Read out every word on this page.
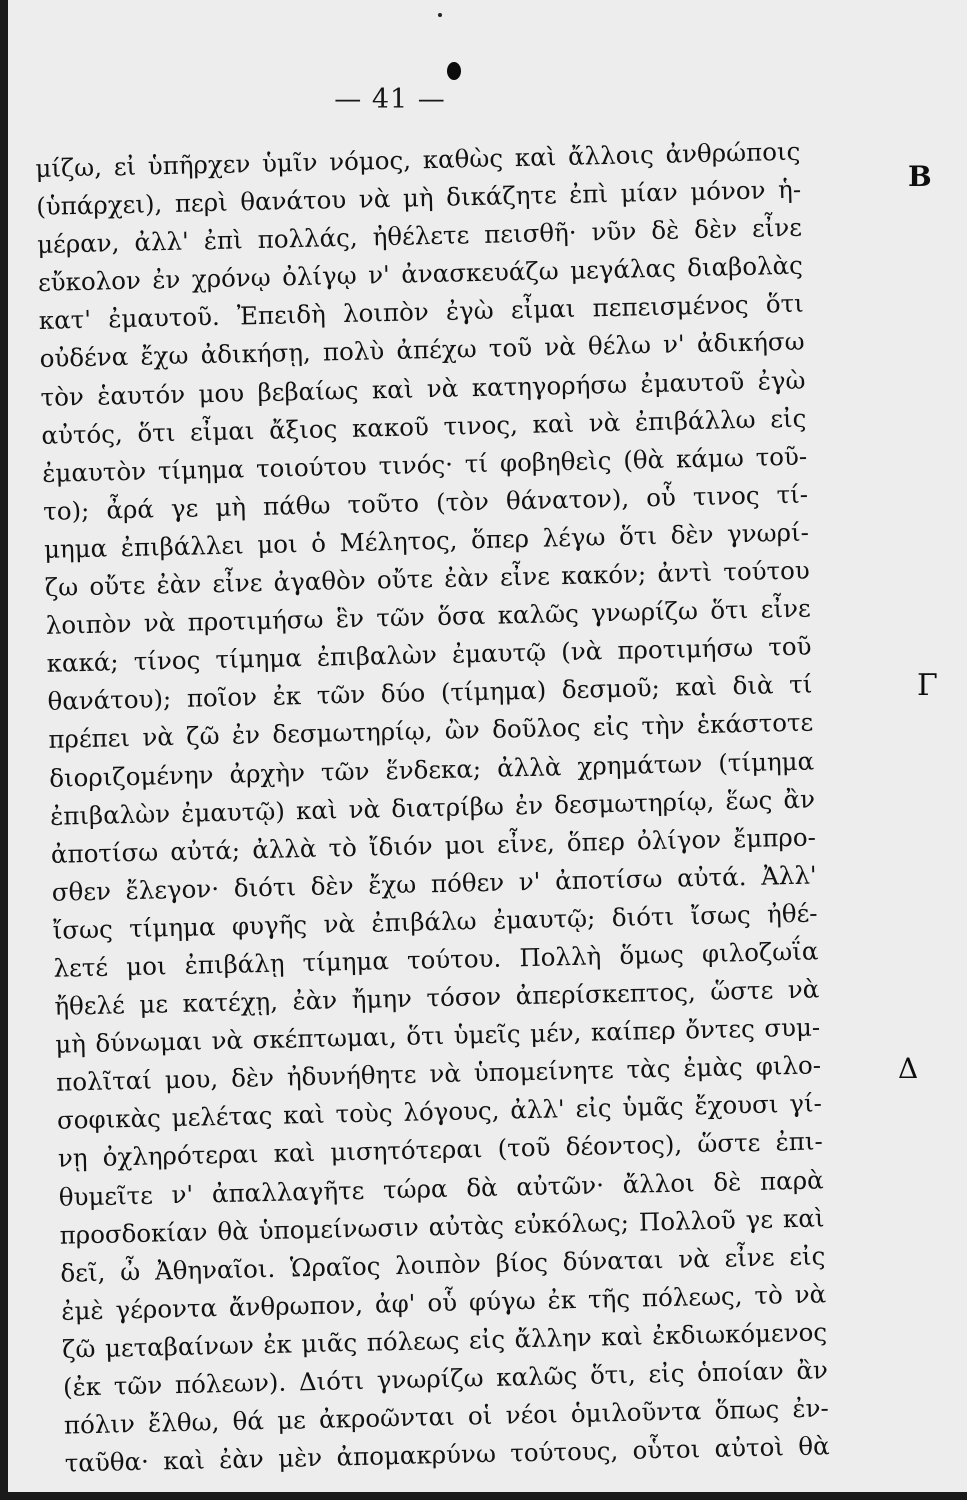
— 41 —
B
Γ
Δ
μίζω, εἰ ὑπῆρχεν ὑμῖν νόμος, καθὼς καὶ ἄλλοις ἀνθρώποις
(ὑπάρχει), περὶ θανάτου νὰ μὴ δικάζητε ἐπὶ μίαν μόνον ἡ-
μέραν, ἀλλ' ἐπὶ πολλάς, ἠθέλετε πεισθῆ· νῦν δὲ δὲν εἶνε
εὔκολον ἐν χρόνῳ ὀλίγῳ ν' ἀνασκευάζω μεγάλας διαβολὰς
κατ' ἐμαυτοῦ. Ἐπειδὴ λοιπὸν ἐγὼ εἶμαι πεπεισμένος ὅτι
οὐδένα ἔχω ἀδικήσῃ, πολὺ ἀπέχω τοῦ νὰ θέλω ν' ἀδικήσω
τὸν ἑαυτόν μου βεβαίως καὶ νὰ κατηγορήσω ἐμαυτοῦ ἐγὼ
αὐτός, ὅτι εἶμαι ἄξιος κακοῦ τινος, καὶ νὰ ἐπιβάλλω εἰς
ἐμαυτὸν τίμημα τοιούτου τινός· τί φοβηθεὶς (θὰ κάμω τοῦ-
το); ἆρά γε μὴ πάθω τοῦτο (τὸν θάνατον), οὗ τινος τί-
μημα ἐπιβάλλει μοι ὁ Μέλητος, ὅπερ λέγω ὅτι δὲν γνωρί-
ζω οὔτε ἐὰν εἶνε ἀγαθὸν οὔτε ἐὰν εἶνε κακόν; ἀντὶ τούτου
λοιπὸν νὰ προτιμήσω ἓν τῶν ὅσα καλῶς γνωρίζω ὅτι εἶνε
κακά; τίνος τίμημα ἐπιβαλὼν ἐμαυτῷ (νὰ προτιμήσω τοῦ
θανάτου); ποῖον ἐκ τῶν δύο (τίμημα) δεσμοῦ; καὶ διὰ τί
πρέπει νὰ ζῶ ἐν δεσμωτηρίῳ, ὢν δοῦλος εἰς τὴν ἑκάστοτε
διοριζομένην ἀρχὴν τῶν ἕνδεκα; ἀλλὰ χρημάτων (τίμημα
ἐπιβαλὼν ἐμαυτῷ) καὶ νὰ διατρίβω ἐν δεσμωτηρίῳ, ἕως ἂν
ἀποτίσω αὐτά; ἀλλὰ τὸ ἴδιόν μοι εἶνε, ὅπερ ὀλίγον ἔμπρο-
σθεν ἔλεγον· διότι δὲν ἔχω πόθεν ν' ἀποτίσω αὐτά. Ἀλλ'
ἴσως τίμημα φυγῆς νὰ ἐπιβάλω ἐμαυτῷ; διότι ἴσως ἠθέ-
λετέ μοι ἐπιβάλῃ τίμημα τούτου. Πολλὴ ὅμως φιλοζωΐα
ἤθελέ με κατέχῃ, ἐὰν ἤμην τόσον ἀπερίσκεπτος, ὥστε νὰ
μὴ δύνωμαι νὰ σκέπτωμαι, ὅτι ὑμεῖς μέν, καίπερ ὄντες συμ-
πολῖταί μου, δὲν ἠδυνήθητε νὰ ὑπομείνητε τὰς ἐμὰς φιλο-
σοφικὰς μελέτας καὶ τοὺς λόγους, ἀλλ' εἰς ὑμᾶς ἔχουσι γί-
νῃ ὀχληρότεραι καὶ μισητότεραι (τοῦ δέοντος), ὥστε ἐπι-
θυμεῖτε ν' ἀπαλλαγῆτε τώρα δὰ αὐτῶν· ἄλλοι δὲ παρὰ
προσδοκίαν θὰ ὑπομείνωσιν αὐτὰς εὐκόλως; Πολλοῦ γε καὶ
δεῖ, ὦ Ἀθηναῖοι. Ὡραῖος λοιπὸν βίος δύναται νὰ εἶνε εἰς
ἐμὲ γέροντα ἄνθρωπον, ἀφ' οὗ φύγω ἐκ τῆς πόλεως, τὸ νὰ
ζῶ μεταβαίνων ἐκ μιᾶς πόλεως εἰς ἄλλην καὶ ἐκδιωκόμενος
(ἐκ τῶν πόλεων). Διότι γνωρίζω καλῶς ὅτι, εἰς ὁποίαν ἂν
πόλιν ἔλθω, θά με ἀκροῶνται οἱ νέοι ὁμιλοῦντα ὅπως ἐν-
ταῦθα· καὶ ἐὰν μὲν ἀπομακρύνω τούτους, οὗτοι αὐτοὶ θὰ
